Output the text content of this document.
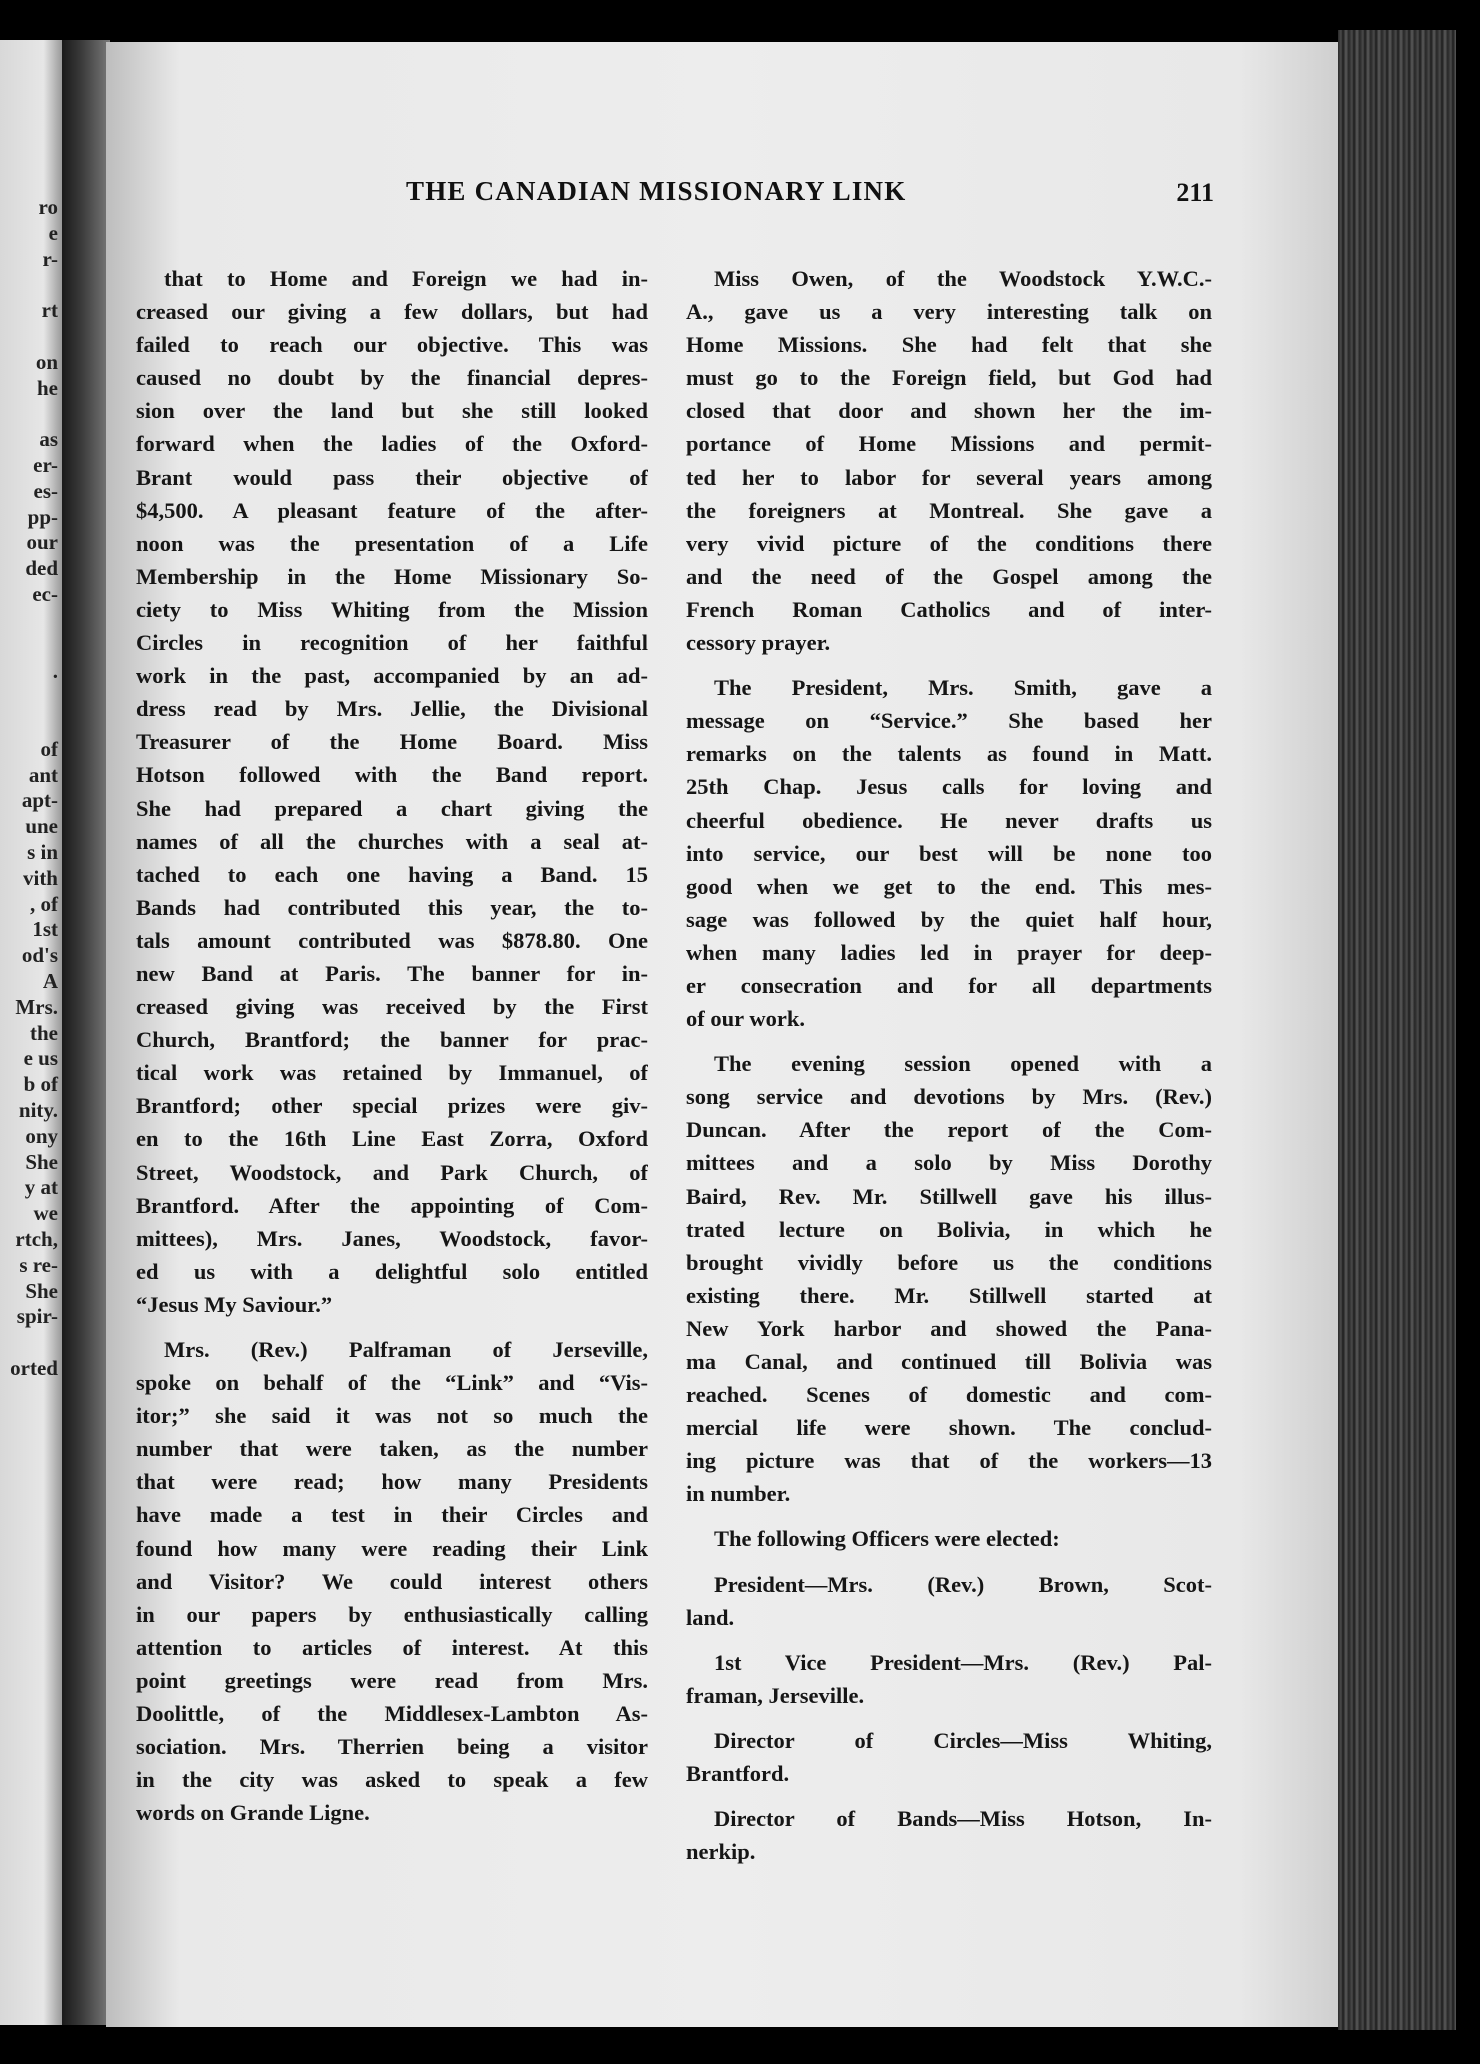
ro
e
r-
rt
on
he
as
er-
es-
pp-
our
ded
ec-
.
of
ant
apt-
une
s in
vith
, of
1st
od's
A
Mrs.
the
e us
b of
nity.
ony
She
y at
we
rtch,
s re-
She
spir-
orted
THE CANADIAN MISSIONARY LINK	211
that to Home and Foreign we had in-
creased our giving a few dollars, but had
failed to reach our objective. This was
caused no doubt by the financial depres-
sion over the land but she still looked
forward when the ladies of the Oxford-
Brant would pass their objective of
$4,500. A pleasant feature of the after-
noon was the presentation of a Life
Membership in the Home Missionary So-
ciety to Miss Whiting from the Mission
Circles in recognition of her faithful
work in the past, accompanied by an ad-
dress read by Mrs. Jellie, the Divisional
Treasurer of the Home Board. Miss
Hotson followed with the Band report.
She had prepared a chart giving the
names of all the churches with a seal at-
tached to each one having a Band. 15
Bands had contributed this year, the to-
tals amount contributed was $878.80. One
new Band at Paris. The banner for in-
creased giving was received by the First
Church, Brantford; the banner for prac-
tical work was retained by Immanuel, of
Brantford; other special prizes were giv-
en to the 16th Line East Zorra, Oxford
Street, Woodstock, and Park Church, of
Brantford. After the appointing of Com-
mittees), Mrs. Janes, Woodstock, favor-
ed us with a delightful solo entitled
“Jesus My Saviour.”
Mrs. (Rev.) Palframan of Jerseville,
spoke on behalf of the “Link” and “Vis-
itor;” she said it was not so much the
number that were taken, as the number
that were read; how many Presidents
have made a test in their Circles and
found how many were reading their Link
and Visitor? We could interest others
in our papers by enthusiastically calling
attention to articles of interest. At this
point greetings were read from Mrs.
Doolittle, of the Middlesex-Lambton As-
sociation. Mrs. Therrien being a visitor
in the city was asked to speak a few
words on Grande Ligne.
Miss Owen, of the Woodstock Y.W.C.-
A., gave us a very interesting talk on
Home Missions. She had felt that she
must go to the Foreign field, but God had
closed that door and shown her the im-
portance of Home Missions and permit-
ted her to labor for several years among
the foreigners at Montreal. She gave a
very vivid picture of the conditions there
and the need of the Gospel among the
French Roman Catholics and of inter-
cessory prayer.
The President, Mrs. Smith, gave a
message on “Service.” She based her
remarks on the talents as found in Matt.
25th Chap. Jesus calls for loving and
cheerful obedience. He never drafts us
into service, our best will be none too
good when we get to the end. This mes-
sage was followed by the quiet half hour,
when many ladies led in prayer for deep-
er consecration and for all departments
of our work.
The evening session opened with a
song service and devotions by Mrs. (Rev.)
Duncan. After the report of the Com-
mittees and a solo by Miss Dorothy
Baird, Rev. Mr. Stillwell gave his illus-
trated lecture on Bolivia, in which he
brought vividly before us the conditions
existing there. Mr. Stillwell started at
New York harbor and showed the Pana-
ma Canal, and continued till Bolivia was
reached. Scenes of domestic and com-
mercial life were shown. The conclud-
ing picture was that of the workers—13
in number.
The following Officers were elected:
President—Mrs. (Rev.) Brown, Scot-
land.
1st Vice President—Mrs. (Rev.) Pal-
framan, Jerseville.
Director of Circles—Miss Whiting,
Brantford.
Director of Bands—Miss Hotson, In-
nerkip.
